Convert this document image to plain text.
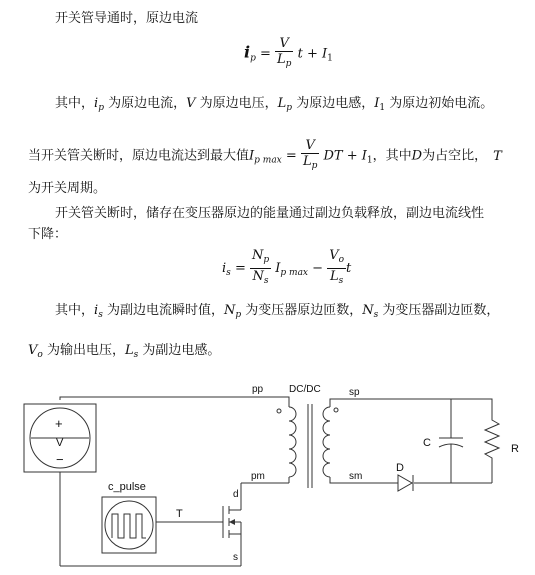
开关管导通时，原边电流
$i_p = \frac{V}{L_p}$ $t + I_1$
其中，$i_p$ 为原边电流，V 为原边电压，$L_p$ 为原边电感，$I_1$ 为原边初始电流。
当开关管关断时，原边电流达到最大值$I_{p max} = \frac{V}{L_p}$ DT + $I_1$，其中D为占空比， T
为开关周期。
开关管关断时，储存在变压器原边的能量通过副边负载释放，副边电流线性
下降：
$i_s = \frac{N_p}{N_s} I_{p max} - \frac{V_o}{L_s}$ t
其中，$i_s$ 为副边电流瞬时值，$N_p$ 为变压器原边匝数，$N_s$ 为变压器副边匝数，
$V_o$ 为输出电压，$L_s$ 为副边电感。
pp	DC/DC	sp
pm	sm
C	R
D
V
+
−
c_pulse
T
d
s
